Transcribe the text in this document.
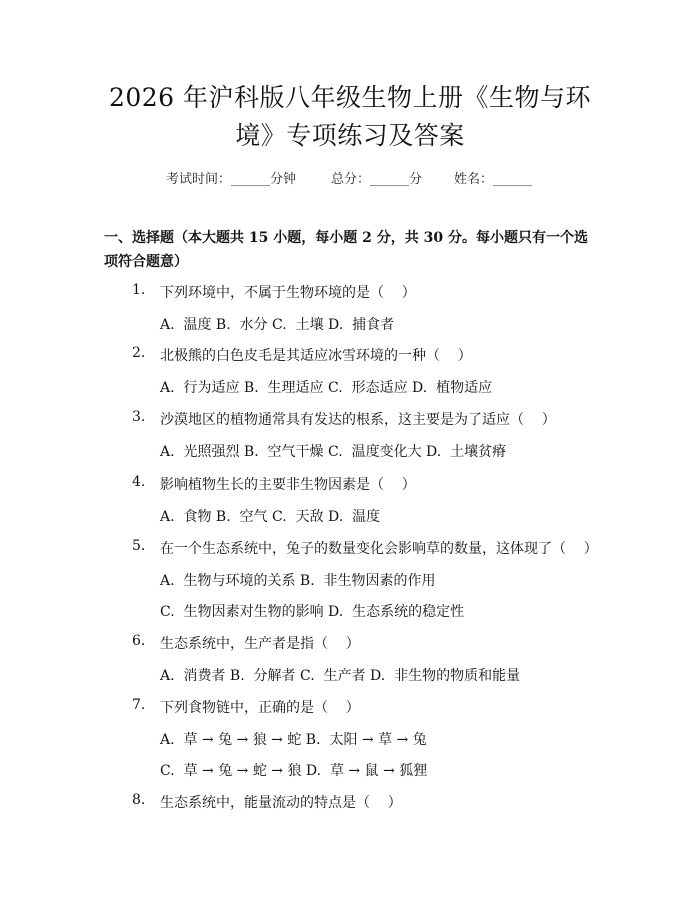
2026 年沪科版八年级生物上册《生物与环
境》专项练习及答案
考试时间：______分钟	总分：______分 姓名：______
一、选择题（本大题共 15 小题，每小题 2 分，共 30 分。每小题只有一个选项符合题意）
1. 下列环境中，不属于生物环境的是（    ）
A.  温度 B.  水分 C.  土壤 D.  捕食者
2. 北极熊的白色皮毛是其适应冰雪环境的一种（    ）
A.  行为适应 B.  生理适应 C.  形态适应 D.  植物适应
3. 沙漠地区的植物通常具有发达的根系，这主要是为了适应（    ）
A.  光照强烈 B.  空气干燥 C.  温度变化大 D.  土壤贫瘠
4. 影响植物生长的主要非生物因素是（    ）
A.  食物 B.  空气 C.  天敌 D.  温度
5. 在一个生态系统中，兔子的数量变化会影响草的数量，这体现了（    ）
A.  生物与环境的关系 B.  非生物因素的作用
C.  生物因素对生物的影响 D.  生态系统的稳定性
6. 生态系统中，生产者是指（    ）
A.  消费者 B.  分解者 C.  生产者 D.  非生物的物质和能量
7. 下列食物链中，正确的是（    ）
A.  草 → 兔 → 狼 → 蛇 B.  太阳 → 草 → 兔
C.  草 → 兔 → 蛇 → 狼 D.  草 → 鼠 → 狐狸
8. 生态系统中，能量流动的特点是（    ）
